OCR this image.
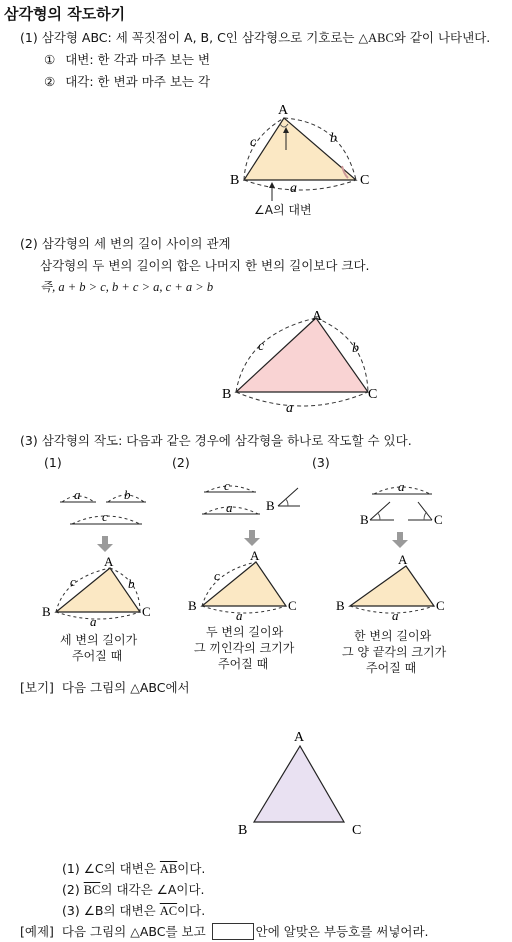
삼각형의 작도하기
(1) 삼각형 ABC: 세 꼭짓점이 A, B, C인 삼각형으로 기호로는 △ABC와 같이 나타낸다.
① 대변: 한 각과 마주 보는 변
② 대각: 한 변과 마주 보는 각
∠A의 대변
(2) 삼각형의 세 변의 길이 사이의 관계
삼각형의 두 변의 길이의 합은 나머지 한 변의 길이보다 크다.
즉, a + b > c, b + c > a, c + a > b
(3) 삼각형의 작도: 다음과 같은 경우에 삼각형을 하나로 작도할 수 있다.
(1)	(2)	(3)
세 변의 길이가
주어질 때
두 변의 길이와
그 끼인각의 크기가
주어질 때
한 변의 길이와
그 양 끝각의 크기가
주어질 때
[보기] 다음 그림의 △ABC에서
(1) ∠C의 대변은 $\overline{AB}$이다.
(2) $\overline{BC}$의 대각은 ∠A이다.
(3) ∠B의 대변은 $\overline{AC}$이다.
[예제] 다음 그림의 △ABC를 보고	안에 알맞은 부등호를 써넣어라.
A
B	C
c	b
a
A
B	C
c	b
a
a	b
c
A
B	C
c	b
a
c
a	B
A
B	C
c
a
a
B	C
A
B	C
a
A
B	C
